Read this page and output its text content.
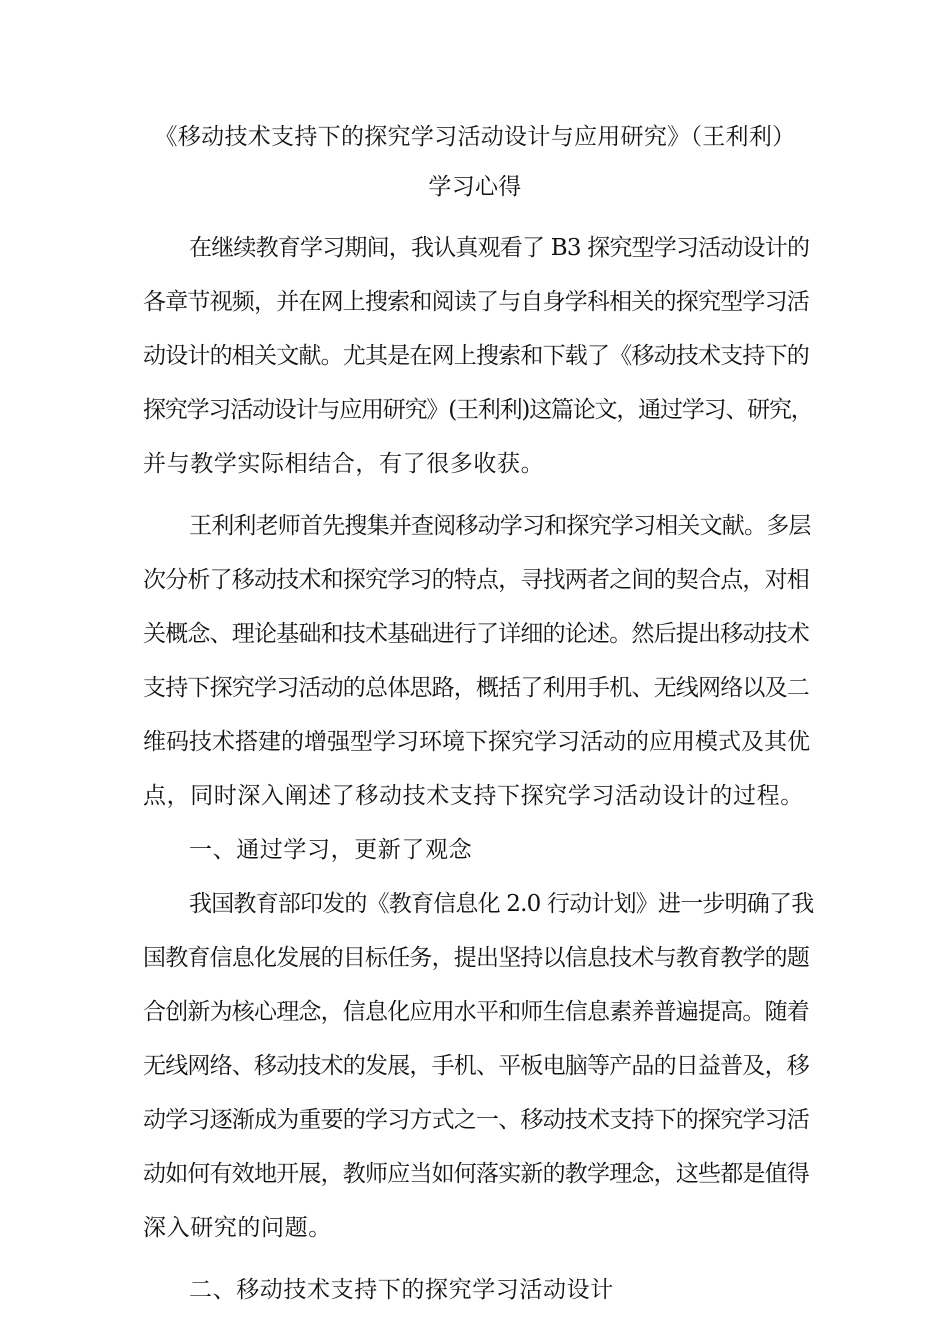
《移动技术支持下的探究学习活动设计与应用研究》（王利利）
学习心得
在继续教育学习期间，我认真观看了 B3 探究型学习活动设计的
各章节视频，并在网上搜索和阅读了与自身学科相关的探究型学习活
动设计的相关文献。尤其是在网上搜索和下载了《移动技术支持下的
探究学习活动设计与应用研究》(王利利)这篇论文，通过学习、研究，
并与教学实际相结合，有了很多收获。
王利利老师首先搜集并查阅移动学习和探究学习相关文献。多层
次分析了移动技术和探究学习的特点，寻找两者之间的契合点，对相
关概念、理论基础和技术基础进行了详细的论述。然后提出移动技术
支持下探究学习活动的总体思路，概括了利用手机、无线网络以及二
维码技术搭建的增强型学习环境下探究学习活动的应用模式及其优
点，同时深入阐述了移动技术支持下探究学习活动设计的过程。
一、通过学习，更新了观念
我国教育部印发的《教育信息化 2.0 行动计划》进一步明确了我
国教育信息化发展的目标任务，提出坚持以信息技术与教育教学的题
合创新为核心理念，信息化应用水平和师生信息素养普遍提高。随着
无线网络、移动技术的发展，手机、平板电脑等产品的日益普及，移
动学习逐渐成为重要的学习方式之一、移动技术支持下的探究学习活
动如何有效地开展，教师应当如何落实新的教学理念，这些都是值得
深入研究的问题。
二、移动技术支持下的探究学习活动设计
